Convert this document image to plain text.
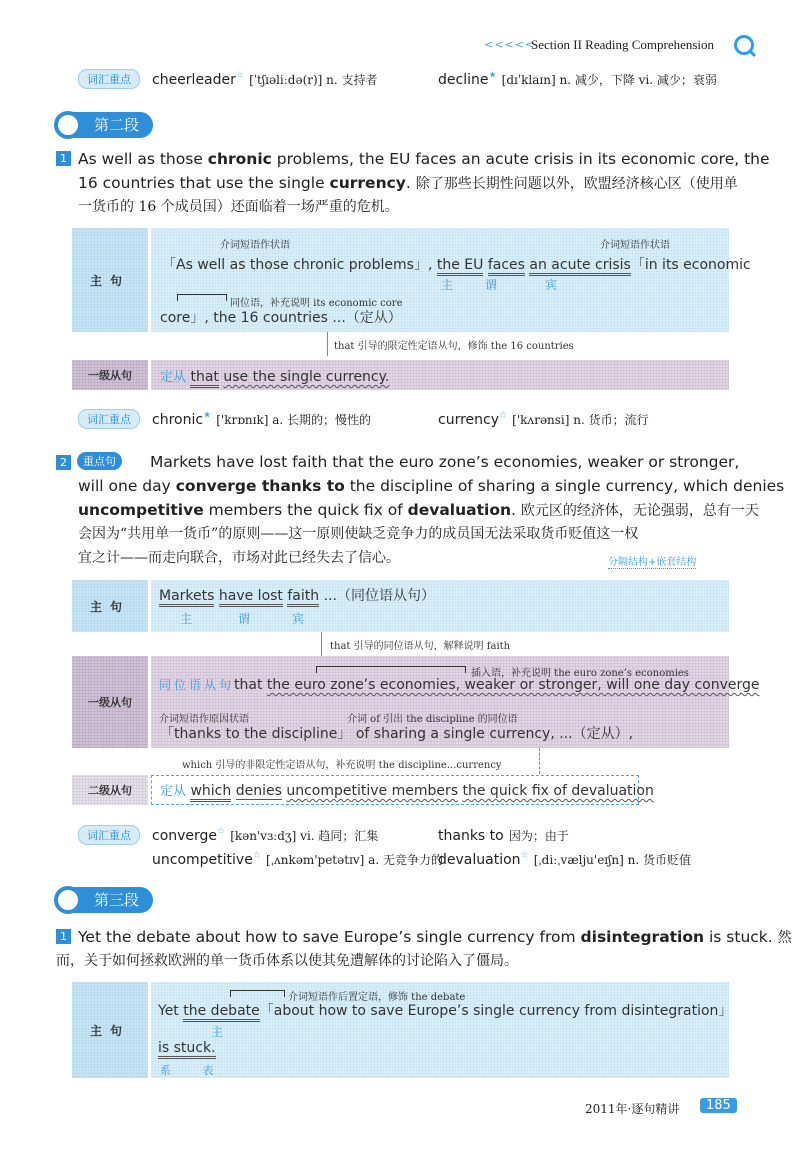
<<<<<
Section II Reading Comprehension
词汇重点	cheerleader☆ [ˈtʃɪəliːdə(r)] n. 支持者	decline★ [dɪˈklaɪn] n. 减少，下降 vi. 减少；衰弱
第二段
1 As well as those chronic problems, the EU faces an acute crisis in its economic core, the
16 countries that use the single currency. 除了那些长期性问题以外，欧盟经济核心区（使用单
一货币的 16 个成员国）还面临着一场严重的危机。
主句
介词短语作状语	介词短语作状语
「As well as those chronic problems」, the EU faces an acute crisis「in its economic
主	谓	宾
同位语，补充说明 its economic core
core」, the 16 countries ...（定从）
that 引导的限定性定语从句，修饰 the 16 countries
一级从句	定从 that use the single currency.
词汇重点	chronic★ ['krɒnɪk] a. 长期的；慢性的	currency☆ ['kʌrənsi] n. 货币；流行
2	重点句	Markets have lost faith that the euro zone’s economies, weaker or stronger,
will one day converge thanks to the discipline of sharing a single currency, which denies
uncompetitive members the quick fix of devaluation. 欧元区的经济体，无论强弱，总有一天
会因为“共用单一货币”的原则——这一原则使缺乏竞争力的成员国无法采取货币贬值这一权
宜之计——而走向联合，市场对此已经失去了信心。	分隔结构+嵌套结构
主句
Markets have lost faith ...（同位语从句）
主	谓	宾
that 引导的同位语从句，解释说明 faith
一级从句
插入语，补充说明 the euro zone’s economies
同位语从句that the euro zone’s economies, weaker or stronger, will one day converge
介词短语作原因状语	介词 of 引出 the discipline 的同位语
「thanks to the discipline」 of sharing a single currency, ...（定从）,
which 引导的非限定性定语从句，补充说明 the discipline...currency
二级从句	定从 which denies uncompetitive members the quick fix of devaluation
词汇重点	converge☆ [kən'vɜːdʒ] vi. 趋同；汇集	thanks to 因为；由于
uncompetitive☆ [ˌʌnkəm'petətɪv] a. 无竞争力的
devaluation☆ [ˌdiːˌvælju'eɪʃn] n. 货币贬值
第三段
1 Yet the debate about how to save Europe’s single currency from disintegration is stuck. 然
而，关于如何拯救欧洲的单一货币体系以使其免遭解体的讨论陷入了僵局。
主句
介词短语作后置定语，修饰 the debate
Yet the debate「about how to save Europe’s single currency from disintegration」
主
is stuck.
系 表
2011年·逐句精讲	185
